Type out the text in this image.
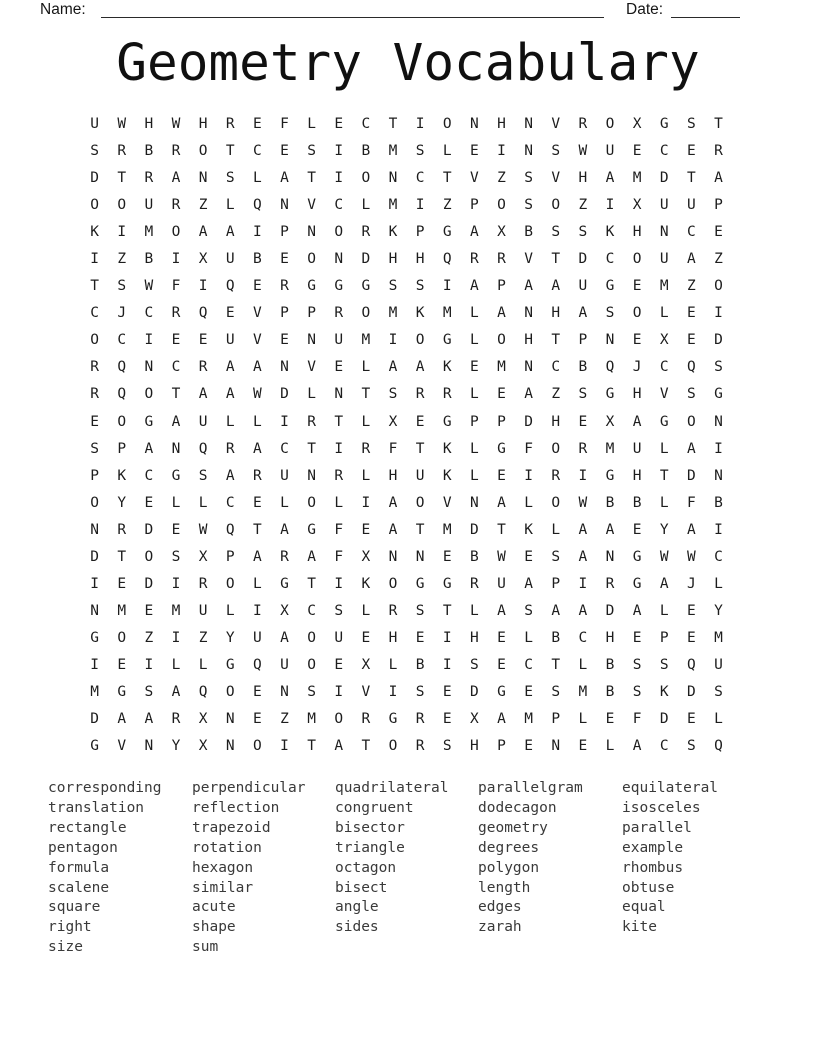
Name:	Date:
Geometry Vocabulary
U	W	H	W	H	R	E	F	L	E	C	T	I	O	N	H	N	V	R	O	X	G	S	T
S	R	B	R	O	T	C	E	S	I	B	M	S	L	E	I	N	S	W	U	E	C	E	R
D	T	R	A	N	S	L	A	T	I	O	N	C	T	V	Z	S	V	H	A	M	D	T	A
O	O	U	R	Z	L	Q	N	V	C	L	M	I	Z	P	O	S	O	Z	I	X	U	U	P
K	I	M	O	A	A	I	P	N	O	R	K	P	G	A	X	B	S	S	K	H	N	C	E
I	Z	B	I	X	U	B	E	O	N	D	H	H	Q	R	R	V	T	D	C	O	U	A	Z
T	S	W	F	I	Q	E	R	G	G	G	S	S	I	A	P	A	A	U	G	E	M	Z	O
C	J	C	R	Q	E	V	P	P	R	O	M	K	M	L	A	N	H	A	S	O	L	E	I
O	C	I	E	E	U	V	E	N	U	M	I	O	G	L	O	H	T	P	N	E	X	E	D
R	Q	N	C	R	A	A	N	V	E	L	A	A	K	E	M	N	C	B	Q	J	C	Q	S
R	Q	O	T	A	A	W	D	L	N	T	S	R	R	L	E	A	Z	S	G	H	V	S	G
E	O	G	A	U	L	L	I	R	T	L	X	E	G	P	P	D	H	E	X	A	G	O	N
S	P	A	N	Q	R	A	C	T	I	R	F	T	K	L	G	F	O	R	M	U	L	A	I
P	K	C	G	S	A	R	U	N	R	L	H	U	K	L	E	I	R	I	G	H	T	D	N
O	Y	E	L	L	C	E	L	O	L	I	A	O	V	N	A	L	O	W	B	B	L	F	B
N	R	D	E	W	Q	T	A	G	F	E	A	T	M	D	T	K	L	A	A	E	Y	A	I
D	T	O	S	X	P	A	R	A	F	X	N	N	E	B	W	E	S	A	N	G	W	W	C
I	E	D	I	R	O	L	G	T	I	K	O	G	G	R	U	A	P	I	R	G	A	J	L
N	M	E	M	U	L	I	X	C	S	L	R	S	T	L	A	S	A	A	D	A	L	E	Y
G	O	Z	I	Z	Y	U	A	O	U	E	H	E	I	H	E	L	B	C	H	E	P	E	M
I	E	I	L	L	G	Q	U	O	E	X	L	B	I	S	E	C	T	L	B	S	S	Q	U
M	G	S	A	Q	O	E	N	S	I	V	I	S	E	D	G	E	S	M	B	S	K	D	S
D	A	A	R	X	N	E	Z	M	O	R	G	R	E	X	A	M	P	L	E	F	D	E	L
G	V	N	Y	X	N	O	I	T	A	T	O	R	S	H	P	E	N	E	L	A	C	S	Q
corresponding
translation
rectangle
pentagon
formula
scalene
square
right
size
perpendicular
reflection
trapezoid
rotation
hexagon
similar
acute
shape
sum
quadrilateral
congruent
bisector
triangle
octagon
bisect
angle
sides
parallelgram
dodecagon
geometry
degrees
polygon
length
edges
zarah
equilateral
isosceles
parallel
example
rhombus
obtuse
equal
kite
